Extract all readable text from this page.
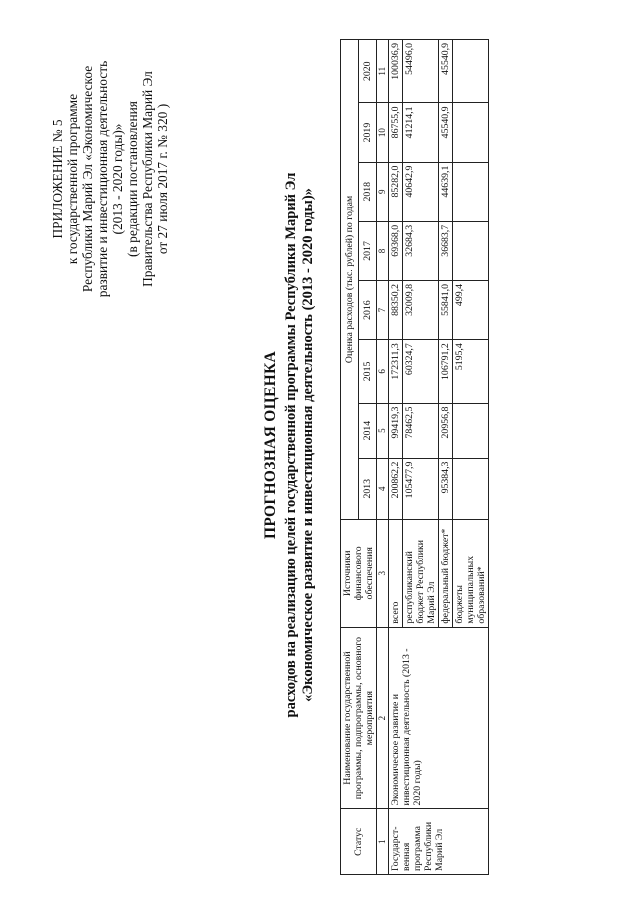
ПРИЛОЖЕНИЕ № 5 к государственной программе Республики Марий Эл «Экономическое развитие и инвестиционная деятельность (2013 - 2020 годы)» (в редакции постановления Правительства Республики Марий Эл от 27 июля 2017 г. № 320 )
ПРОГНОЗНАЯ ОЦЕНКА расходов на реализацию целей государственной программы Республики Марий Эл «Экономическое развитие и инвестиционная деятельность (2013 - 2020 годы)»
Статус	Наименование государственной программы, подпрограммы, основного мероприятия	Источники финансового обеспечения	Оценка расходов (тыс. рублей) по годам							
			2013	2014	2015	2016	2017	2018	2019	2020
1	2	3	4	5	6	7	8	9	10	11
Государст-венная программа Республики Марий Эл	Экономическое развитие и инвестиционная деятельность (2013 - 2020 годы)	всего	200862,2	99419,3	172311,3	88350,2	69368,0	85282,0	86755,0	100036,9
		республиканский бюджет Республики Марий Эл	105477,9	78462,5	60324,7	32009,8	32684,3	40642,9	41214,1	54496,0
		федеральный бюджет*	95384,3	20956,8	106791,2	55841,0	36683,7	44639,1	45540,9	45540,9
		бюджеты муниципальных образований*			5195,4	499,4				
